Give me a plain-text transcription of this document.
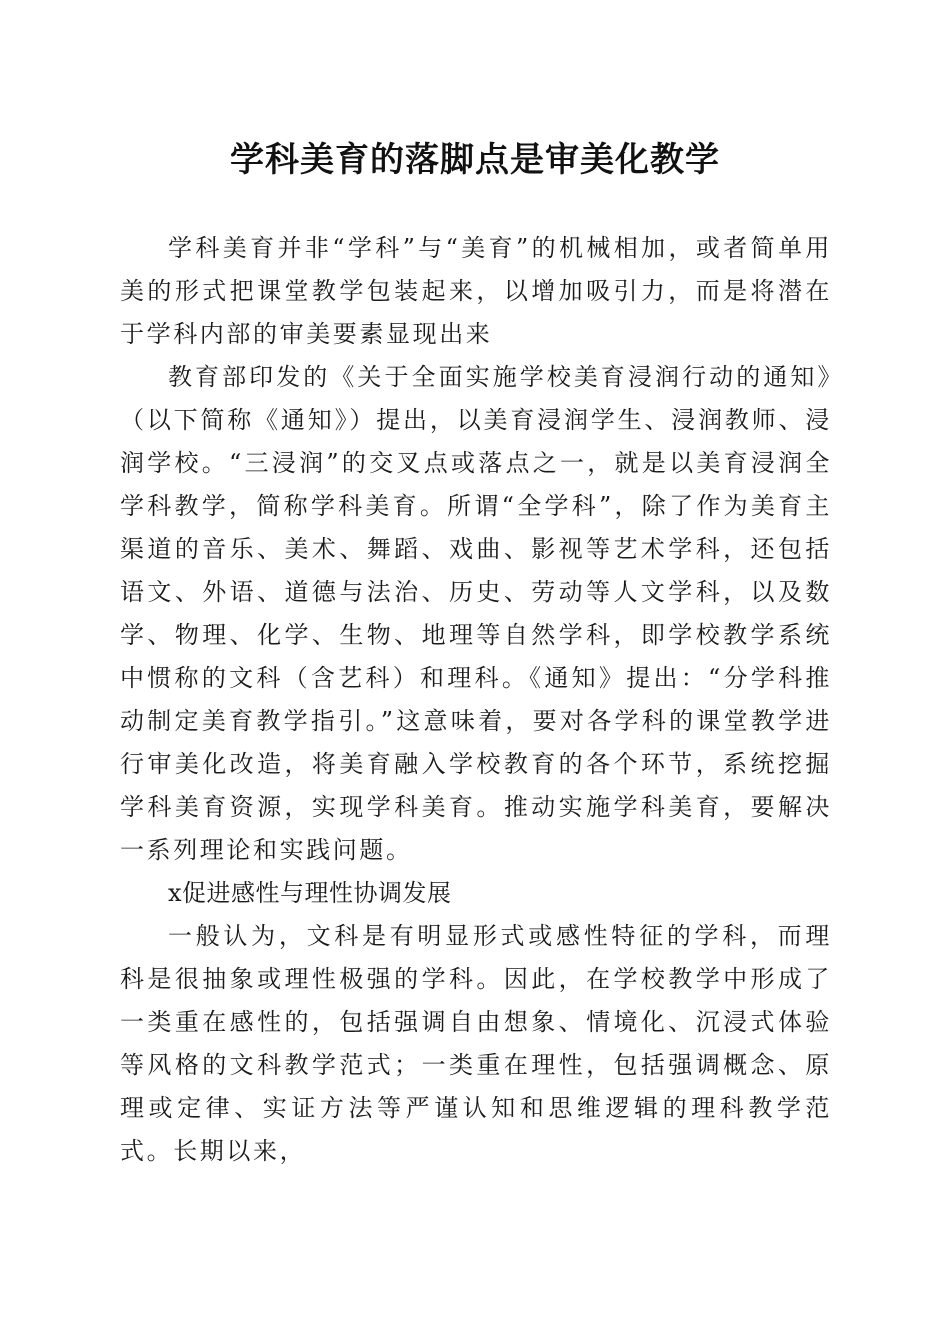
学科美育的落脚点是审美化教学

学科美育并非“学科”与“美育”的机械相加，或者简单用美的形式把课堂教学包装起来，以增加吸引力，而是将潜在于学科内部的审美要素显现出来

教育部印发的《关于全面实施学校美育浸润行动的通知》（以下简称《通知》）提出，以美育浸润学生、浸润教师、浸润学校。“三浸润”的交叉点或落点之一，就是以美育浸润全学科教学，简称学科美育。所谓“全学科”，除了作为美育主渠道的音乐、美术、舞蹈、戏曲、影视等艺术学科，还包括语文、外语、道德与法治、历史、劳动等人文学科，以及数学、物理、化学、生物、地理等自然学科，即学校教学系统中惯称的文科（含艺科）和理科。《通知》提出：“分学科推动制定美育教学指引。”这意味着，要对各学科的课堂教学进行审美化改造，将美育融入学校教育的各个环节，系统挖掘学科美育资源，实现学科美育。推动实施学科美育，要解决一系列理论和实践问题。

x促进感性与理性协调发展

一般认为，文科是有明显形式或感性特征的学科，而理科是很抽象或理性极强的学科。因此，在学校教学中形成了一类重在感性的，包括强调自由想象、情境化、沉浸式体验等风格的文科教学范式；一类重在理性，包括强调概念、原理或定律、实证方法等严谨认知和思维逻辑的理科教学范式。长期以来，
